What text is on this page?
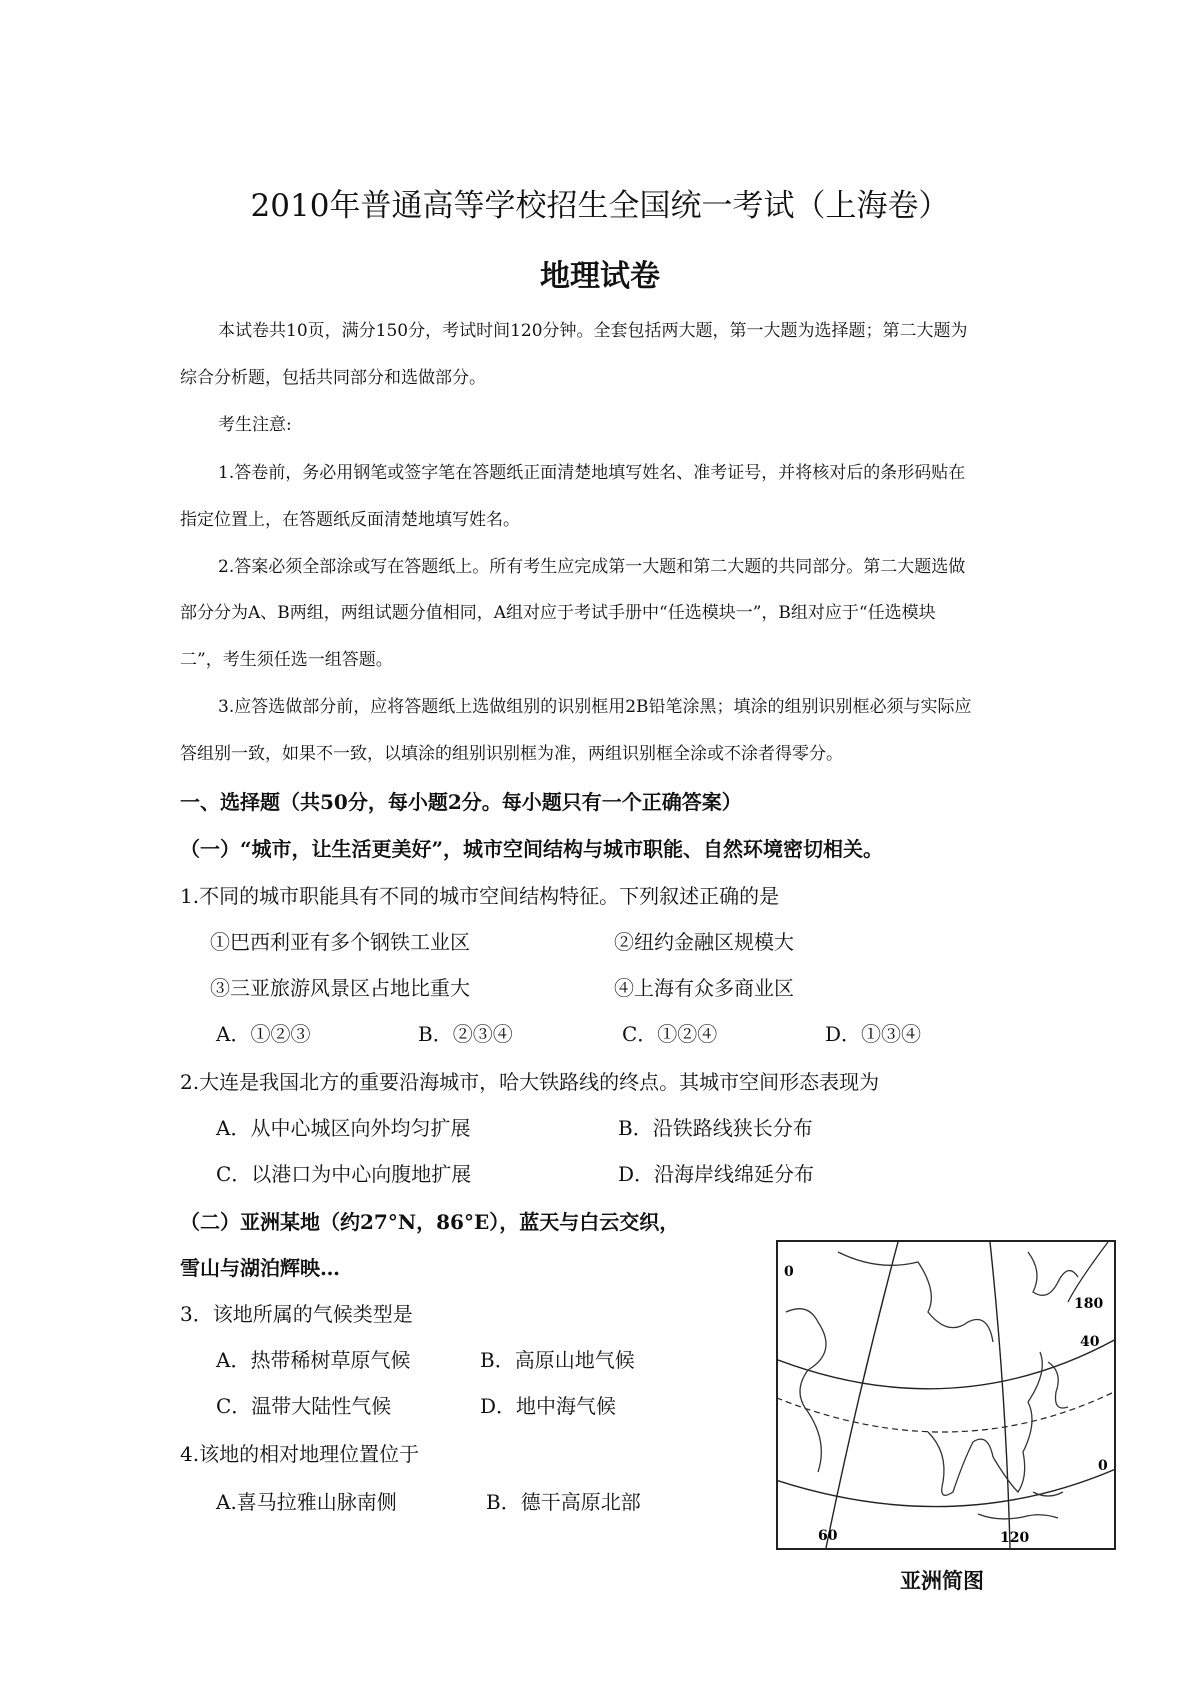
2010年普通高等学校招生全国统一考试（上海卷）
地理试卷
本试卷共10页，满分150分，考试时间120分钟。全套包括两大题，第一大题为选择题；第二大题为
综合分析题，包括共同部分和选做部分。
考生注意:
1.答卷前，务必用钢笔或签字笔在答题纸正面清楚地填写姓名、准考证号，并将核对后的条形码贴在
指定位置上，在答题纸反面清楚地填写姓名。
2.答案必须全部涂或写在答题纸上。所有考生应完成第一大题和第二大题的共同部分。第二大题选做
部分分为A、B两组，两组试题分值相同，A组对应于考试手册中“任选模块一”，B组对应于“任选模块
二”，考生须任选一组答题。
3.应答选做部分前，应将答题纸上选做组别的识别框用2B铅笔涂黑；填涂的组别识别框必须与实际应
答组别一致，如果不一致，以填涂的组别识别框为准，两组识别框全涂或不涂者得零分。
一、选择题（共50分，每小题2分。每小题只有一个正确答案）
（一）“城市，让生活更美好”，城市空间结构与城市职能、自然环境密切相关。
1.不同的城市职能具有不同的城市空间结构特征。下列叙述正确的是
①巴西利亚有多个钢铁工业区	②纽约金融区规模大
③三亚旅游风景区占地比重大	④上海有众多商业区
A．①②③	B．②③④	C．①②④	D．①③④
2.大连是我国北方的重要沿海城市，哈大铁路线的终点。其城市空间形态表现为
A．从中心城区向外均匀扩展	B．沿铁路线狭长分布
C．以港口为中心向腹地扩展	D．沿海岸线绵延分布
（二）亚洲某地（约27°N，86°E），蓝天与白云交织，
雪山与湖泊辉映…
3．该地所属的气候类型是
A．热带稀树草原气候	B．高原山地气候
C．温带大陆性气候	D．地中海气候
4.该地的相对地理位置位于
A.喜马拉雅山脉南侧	B．德干高原北部
0
180
40
0
60	120
亚洲简图
